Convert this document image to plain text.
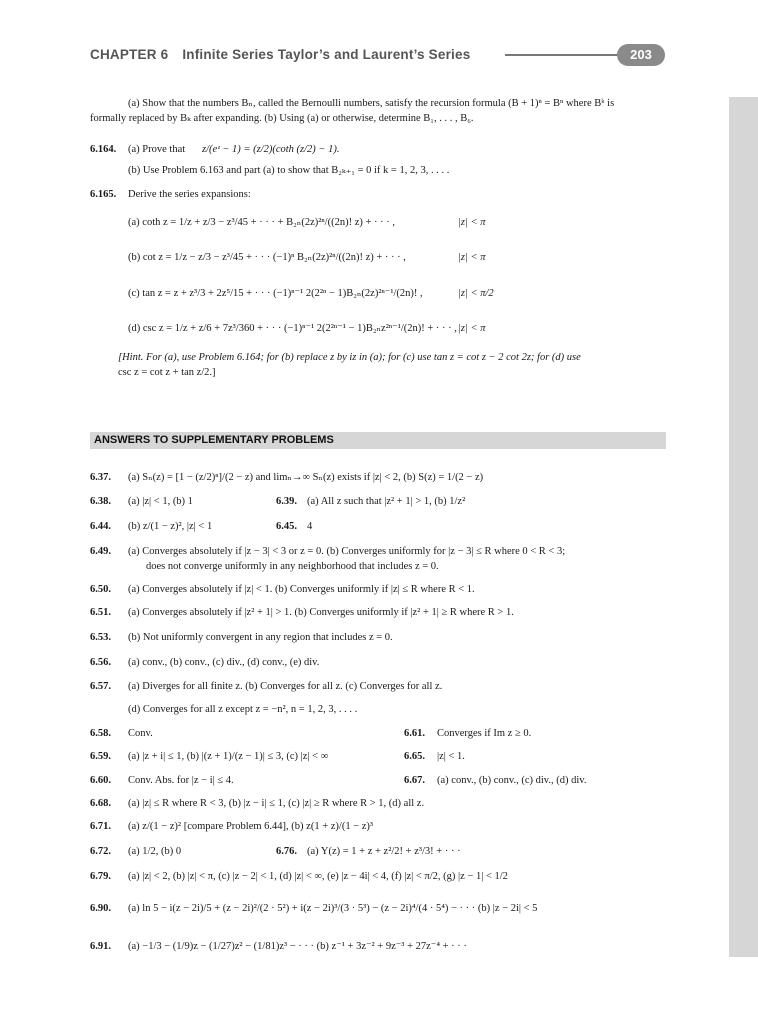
CHAPTER 6 Infinite Series Taylor’s and Laurent’s Series	203
(a) Show that the numbers Bₙ, called the Bernoulli numbers, satisfy the recursion formula (B + 1)ⁿ = Bⁿ where Bᵏ is
formally replaced by Bₖ after expanding. (b) Using (a) or otherwise, determine B₁, . . . , B₆.
6.164. (a) Prove that z/(eᶻ − 1) = (z/2)(coth (z/2) − 1).
(b) Use Problem 6.163 and part (a) to show that B₂ₖ₊₁ = 0 if k = 1, 2, 3, . . . .
6.165. Derive the series expansions:
(a) coth z = 1/z + z/3 − z³/45 + · · · + B₂ₙ(2z)²ⁿ/((2n)! z) + · · · ,	|z| < π
(b) cot z = 1/z − z/3 − z³/45 + · · · (−1)ⁿ B₂ₙ(2z)²ⁿ/((2n)! z) + · · · ,	|z| < π
(c) tan z = z + z³/3 + 2z⁵/15 + · · · (−1)ⁿ⁻¹ 2(2²ⁿ − 1)B₂ₙ(2z)²ⁿ⁻¹/(2n)! ,	|z| < π/2
(d) csc z = 1/z + z/6 + 7z³/360 + · · · (−1)ⁿ⁻¹ 2(2²ⁿ⁻¹ − 1)B₂ₙz²ⁿ⁻¹/(2n)! + · · · , |z| < π
[Hint. For (a), use Problem 6.164; for (b) replace z by iz in (a); for (c) use tan z = cot z − 2 cot 2z; for (d) use
csc z = cot z + tan z/2.]
ANSWERS TO SUPPLEMENTARY PROBLEMS
6.37. (a) Sₙ(z) = [1 − (z/2)ⁿ]/(2 − z) and limₙ→∞ Sₙ(z) exists if |z| < 2, (b) S(z) = 1/(2 − z)
6.38. (a) |z| < 1, (b) 1	6.39. (a) All z such that |z² + 1| > 1, (b) 1/z²
6.44. (b) z/(1 − z)², |z| < 1	6.45. 4
6.49. (a) Converges absolutely if |z − 3| < 3 or z = 0. (b) Converges uniformly for |z − 3| ≤ R where 0 < R < 3;
does not converge uniformly in any neighborhood that includes z = 0.
6.50. (a) Converges absolutely if |z| < 1. (b) Converges uniformly if |z| ≤ R where R < 1.
6.51. (a) Converges absolutely if |z² + 1| > 1. (b) Converges uniformly if |z² + 1| ≥ R where R > 1.
6.53. (b) Not uniformly convergent in any region that includes z = 0.
6.56. (a) conv., (b) conv., (c) div., (d) conv., (e) div.
6.57. (a) Diverges for all finite z. (b) Converges for all z. (c) Converges for all z.
(d) Converges for all z except z = −n², n = 1, 2, 3, . . . .
6.58. Conv.	6.61. Converges if Im z ≥ 0.
6.59. (a) |z + i| ≤ 1, (b) |(z + 1)/(z − 1)| ≤ 3, (c) |z| < ∞	6.65. |z| < 1.
6.60. Conv. Abs. for |z − i| ≤ 4.	6.67. (a) conv., (b) conv., (c) div., (d) div.
6.68. (a) |z| ≤ R where R < 3, (b) |z − i| ≤ 1, (c) |z| ≥ R where R > 1, (d) all z.
6.71. (a) z/(1 − z)² [compare Problem 6.44], (b) z(1 + z)/(1 − z)³
6.72. (a) 1/2, (b) 0	6.76. (a) Y(z) = 1 + z + z²/2! + z³/3! + · · ·
6.79. (a) |z| < 2, (b) |z| < π, (c) |z − 2| < 1, (d) |z| < ∞, (e) |z − 4i| < 4, (f) |z| < π/2, (g) |z − 1| < 1/2
6.90. (a) ln 5 − i(z − 2i)/5 + (z − 2i)²/(2 · 5²) + i(z − 2i)³/(3 · 5³) − (z − 2i)⁴/(4 · 5⁴) − · · · (b) |z − 2i| < 5
6.91. (a) −1/3 − (1/9)z − (1/27)z² − (1/81)z³ − · · · (b) z⁻¹ + 3z⁻² + 9z⁻³ + 27z⁻⁴ + · · ·
